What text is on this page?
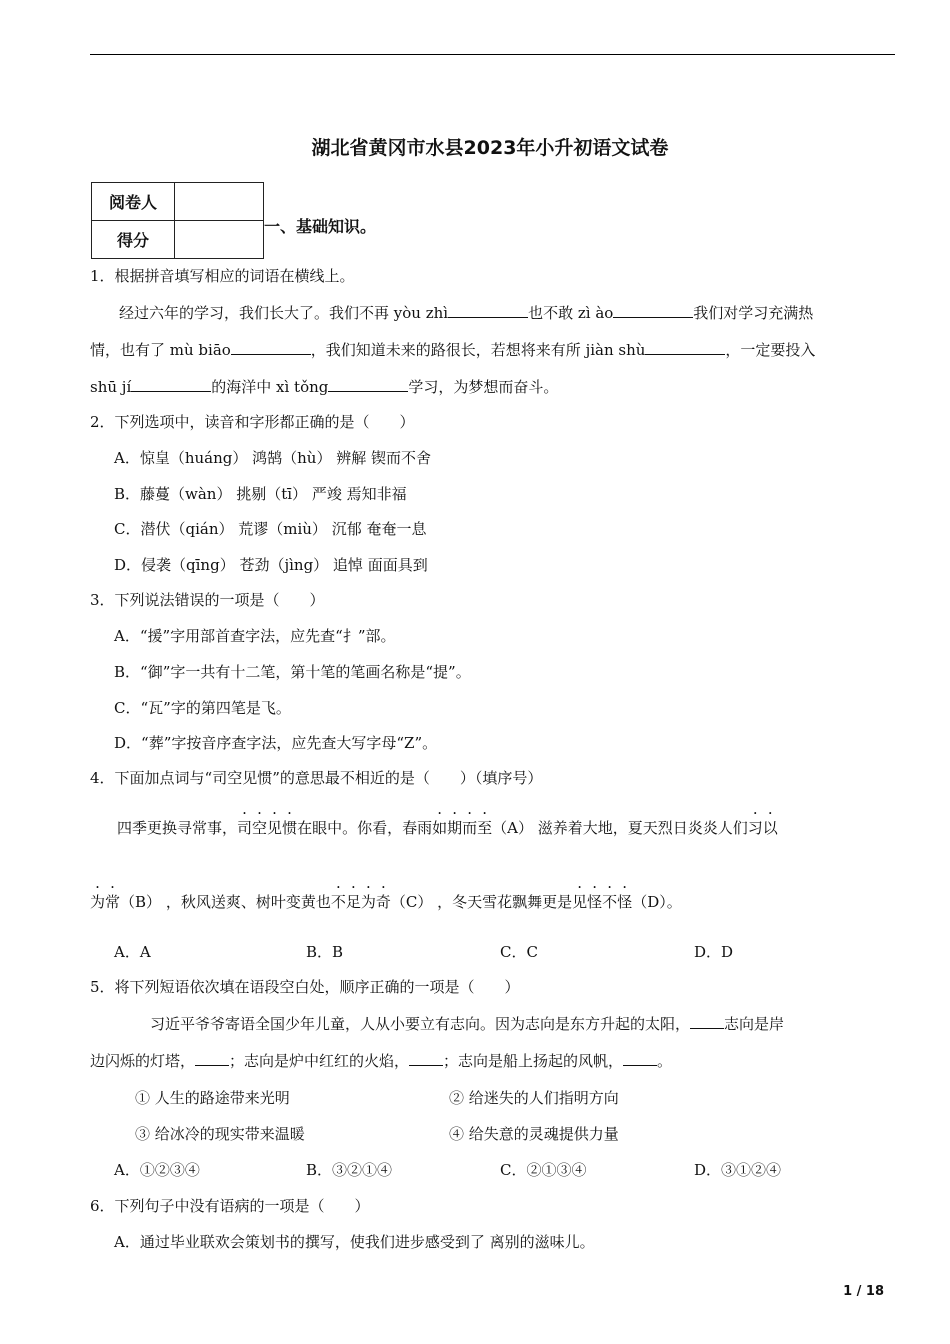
湖北省黄冈市水县2023年小升初语文试卷
阅卷人	
得分	
一、基础知识。
1．根据拼音填写相应的词语在横线上。
经过六年的学习，我们长大了。我们不再 yòu zhì	也不敢 zì ào	我们对学习充满热
情，也有了 mù biāo	，我们知道未来的路很长，若想将来有所 jiàn shù	，一定要投入
shū jí	的海洋中 xì tǒng	学习，为梦想而奋斗。
2．下列选项中，读音和字形都正确的是（　　）
A．惊皇（huáng） 鸿鹄（hù） 辨解 锲而不舍
B．藤蔓（wàn） 挑剔（tī） 严竣 焉知非福
C．潜伏（qián） 荒谬（miù） 沉郁 奄奄一息
D．侵袭（qīng） 苍劲（jìng） 追悼 面面具到
3．下列说法错误的一项是（　　）
A．“援”字用部首查字法，应先查“扌”部。
B．“御”字一共有十二笔，第十笔的笔画名称是“提”。
C．“瓦”字的第四笔是飞。
D．“葬”字按音序查字法，应先查大写字母“Z”。
4．下面加点词与“司空见惯”的意思最不相近的是（　　）（填序号）
四季更换寻常事，司空见惯在眼中。你看，春雨如期而至（A） 滋养着大地，夏天烈日炎炎人们习以
为常（B） ，秋风送爽、树叶变黄也不足为奇（C） ，冬天雪花飘舞更是见怪不怪（D）。
A．A	B．B	C．C	D．D
5．将下列短语依次填在语段空白处，顺序正确的一项是（　　）
习近平爷爷寄语全国少年儿童，人从小要立有志向。因为志向是东方升起的太阳， 志向是岸
边闪烁的灯塔， ；志向是炉中红红的火焰， ；志向是船上扬起的风帆， 。
① 人生的路途带来光明	② 给迷失的人们指明方向
③ 给冰冷的现实带来温暖	④ 给失意的灵魂提供力量
A．①②③④	B．③②①④	C．②①③④	D．③①②④
6．下列句子中没有语病的一项是（　　）
A．通过毕业联欢会策划书的撰写，使我们进步感受到了 离别的滋味儿。
1 / 18
